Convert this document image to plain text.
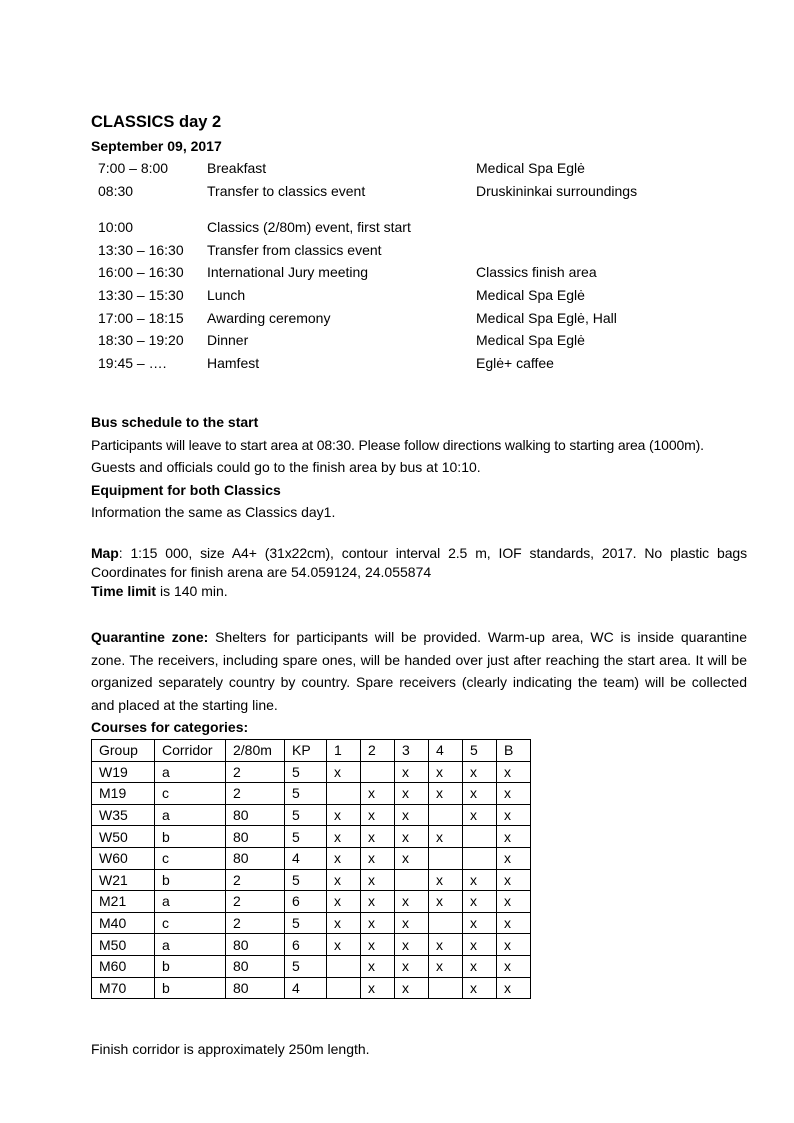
CLASSICS day 2
September 09, 2017
7:00 – 8:00	Breakfast	Medical Spa Eglė
08:30	Transfer to classics event	Druskininkai surroundings
10:00	Classics (2/80m) event, first start
13:30 – 16:30 Transfer from classics event
16:00 – 16:30 International Jury meeting	Classics finish area
13:30 – 15:30 Lunch	Medical Spa Eglė
17:00 – 18:15 Awarding ceremony	Medical Spa Eglė, Hall
18:30 – 19:20 Dinner	Medical Spa Eglė
19:45 – ….	Hamfest	Eglė+ caffee
Bus schedule to the start
Participants will leave to start area at 08:30. Please follow directions walking to starting area (1000m).
Guests and officials could go to the finish area by bus at 10:10.
Equipment for both Classics
Information the same as Classics day1.
Map: 1:15 000, size A4+ (31x22cm), contour interval 2.5 m, IOF standards, 2017. No plastic bags
Coordinates for finish arena are 54.059124, 24.055874
Time limit is 140 min.
Quarantine zone: Shelters for participants will be provided. Warm-up area, WC is inside quarantine zone. The receivers, including spare ones, will be handed over just after reaching the start area. It will be organized separately country by country. Spare receivers (clearly indicating the team) will be collected and placed at the starting line.
Courses for categories:
Group	Corridor	2/80m	KP	1	2	3	4	5	B
W19	a	2	5	x		x	x	x	x
M19	c	2	5		x	x	x	x	x
W35	a	80	5	x	x	x		x	x
W50	b	80	5	x	x	x	x		x
W60	c	80	4	x	x	x			x
W21	b	2	5	x	x		x	x	x
M21	a	2	6	x	x	x	x	x	x
M40	c	2	5	x	x	x		x	x
M50	a	80	6	x	x	x	x	x	x
M60	b	80	5		x	x	x	x	x
M70	b	80	4		x	x		x	x
Finish corridor is approximately 250m length.
